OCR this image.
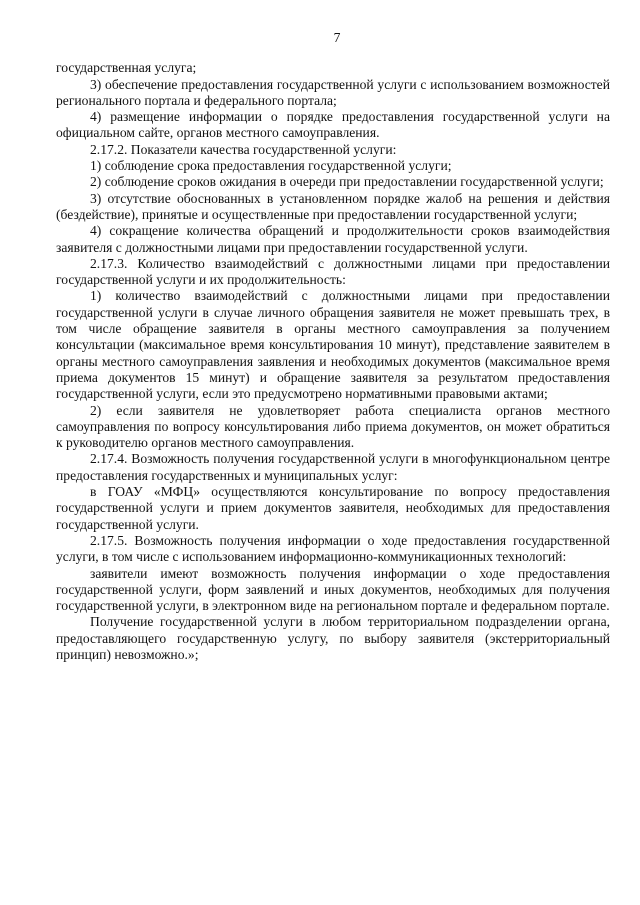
7

государственная услуга;

3) обеспечение предоставления государственной услуги с использованием возможностей регионального портала и федерального портала;

4) размещение информации о порядке предоставления государственной услуги на официальном сайте, органов местного самоуправления.

2.17.2. Показатели качества государственной услуги:

1) соблюдение срока предоставления государственной услуги;

2) соблюдение сроков ожидания в очереди при предоставлении государственной услуги;

3) отсутствие обоснованных в установленном порядке жалоб на решения и действия (бездействие), принятые и осуществленные при предоставлении государственной услуги;

4) сокращение количества обращений и продолжительности сроков взаимодействия заявителя с должностными лицами при предоставлении государственной услуги.

2.17.3. Количество взаимодействий с должностными лицами при предоставлении государственной услуги и их продолжительность:

1) количество взаимодействий с должностными лицами при предоставлении государственной услуги в случае личного обращения заявителя не может превышать трех, в том числе обращение заявителя в органы местного самоуправления за получением консультации (максимальное время консультирования 10 минут), представление заявителем в органы местного самоуправления заявления и необходимых документов (максимальное время приема документов 15 минут) и обращение заявителя за результатом предоставления государственной услуги, если это предусмотрено нормативными правовыми актами;

2) если заявителя не удовлетворяет работа специалиста органов местного самоуправления по вопросу консультирования либо приема документов, он может обратиться к руководителю органов местного самоуправления.

2.17.4. Возможность получения государственной услуги в многофункциональном центре предоставления государственных и муниципальных услуг:

в ГОАУ «МФЦ» осуществляются консультирование по вопросу предоставления государственной услуги и прием документов заявителя, необходимых для предоставления государственной услуги.

2.17.5. Возможность получения информации о ходе предоставления государственной услуги, в том числе с использованием информационно-коммуникационных технологий:

заявители имеют возможность получения информации о ходе предоставления государственной услуги, форм заявлений и иных документов, необходимых для получения государственной услуги, в электронном виде на региональном портале и федеральном портале.

Получение государственной услуги в любом территориальном подразделении органа, предоставляющего государственную услугу, по выбору заявителя (экстерриториальный принцип) невозможно.»;
